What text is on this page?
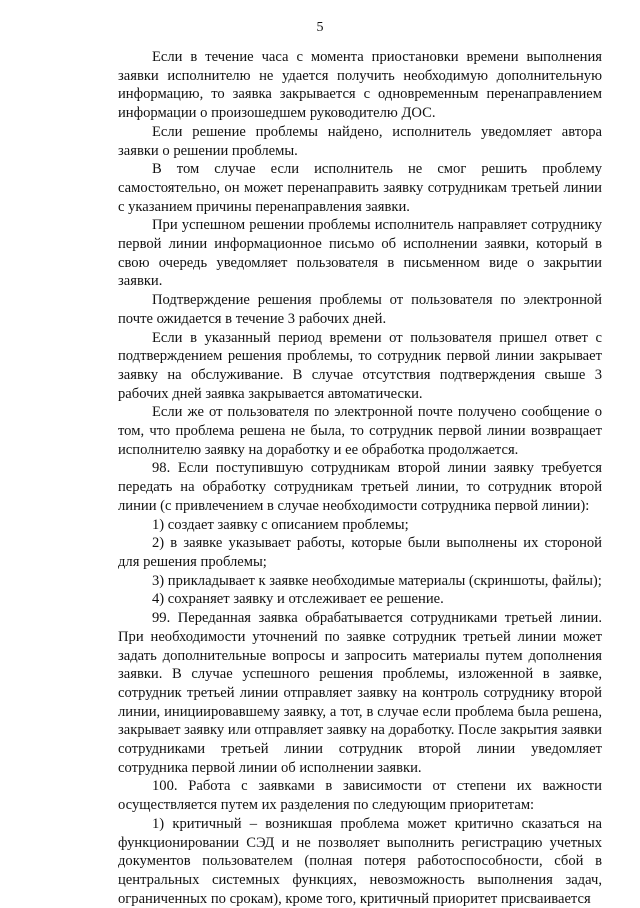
5

Если в течение часа с момента приостановки времени выполнения заявки исполнителю не удается получить необходимую дополнительную информацию, то заявка закрывается с одновременным перенаправлением информации о произошедшем руководителю ДОС.

Если решение проблемы найдено, исполнитель уведомляет автора заявки о решении проблемы.

В том случае если исполнитель не смог решить проблему самостоятельно, он может перенаправить заявку сотрудникам третьей линии с указанием причины перенаправления заявки.

При успешном решении проблемы исполнитель направляет сотруднику первой линии информационное письмо об исполнении заявки, который в свою очередь уведомляет пользователя в письменном виде о закрытии заявки.

Подтверждение решения проблемы от пользователя по электронной почте ожидается в течение 3 рабочих дней.

Если в указанный период времени от пользователя пришел ответ с подтверждением решения проблемы, то сотрудник первой линии закрывает заявку на обслуживание. В случае отсутствия подтверждения свыше 3 рабочих дней заявка закрывается автоматически.

Если же от пользователя по электронной почте получено сообщение о том, что проблема решена не была, то сотрудник первой линии возвращает исполнителю заявку на доработку и ее обработка продолжается.

98. Если поступившую сотрудникам второй линии заявку требуется передать на обработку сотрудникам третьей линии, то сотрудник второй линии (с привлечением в случае необходимости сотрудника первой линии):

1) создает заявку с описанием проблемы;

2) в заявке указывает работы, которые были выполнены их стороной для решения проблемы;

3) прикладывает к заявке необходимые материалы (скриншоты, файлы);

4) сохраняет заявку и отслеживает ее решение.

99. Переданная заявка обрабатывается сотрудниками третьей линии. При необходимости уточнений по заявке сотрудник третьей линии может задать дополнительные вопросы и запросить материалы путем дополнения заявки. В случае успешного решения проблемы, изложенной в заявке, сотрудник третьей линии отправляет заявку на контроль сотруднику второй линии, инициировавшему заявку, а тот, в случае если проблема была решена, закрывает заявку или отправляет заявку на доработку. После закрытия заявки сотрудниками третьей линии сотрудник второй линии уведомляет сотрудника первой линии об исполнении заявки.

100. Работа с заявками в зависимости от степени их важности осуществляется путем их разделения по следующим приоритетам:

1) критичный – возникшая проблема может критично сказаться на функционировании СЭД и не позволяет выполнить регистрацию учетных документов пользователем (полная потеря работоспособности, сбой в центральных системных функциях, невозможность выполнения задач, ограниченных по срокам), кроме того, критичный приоритет присваивается
